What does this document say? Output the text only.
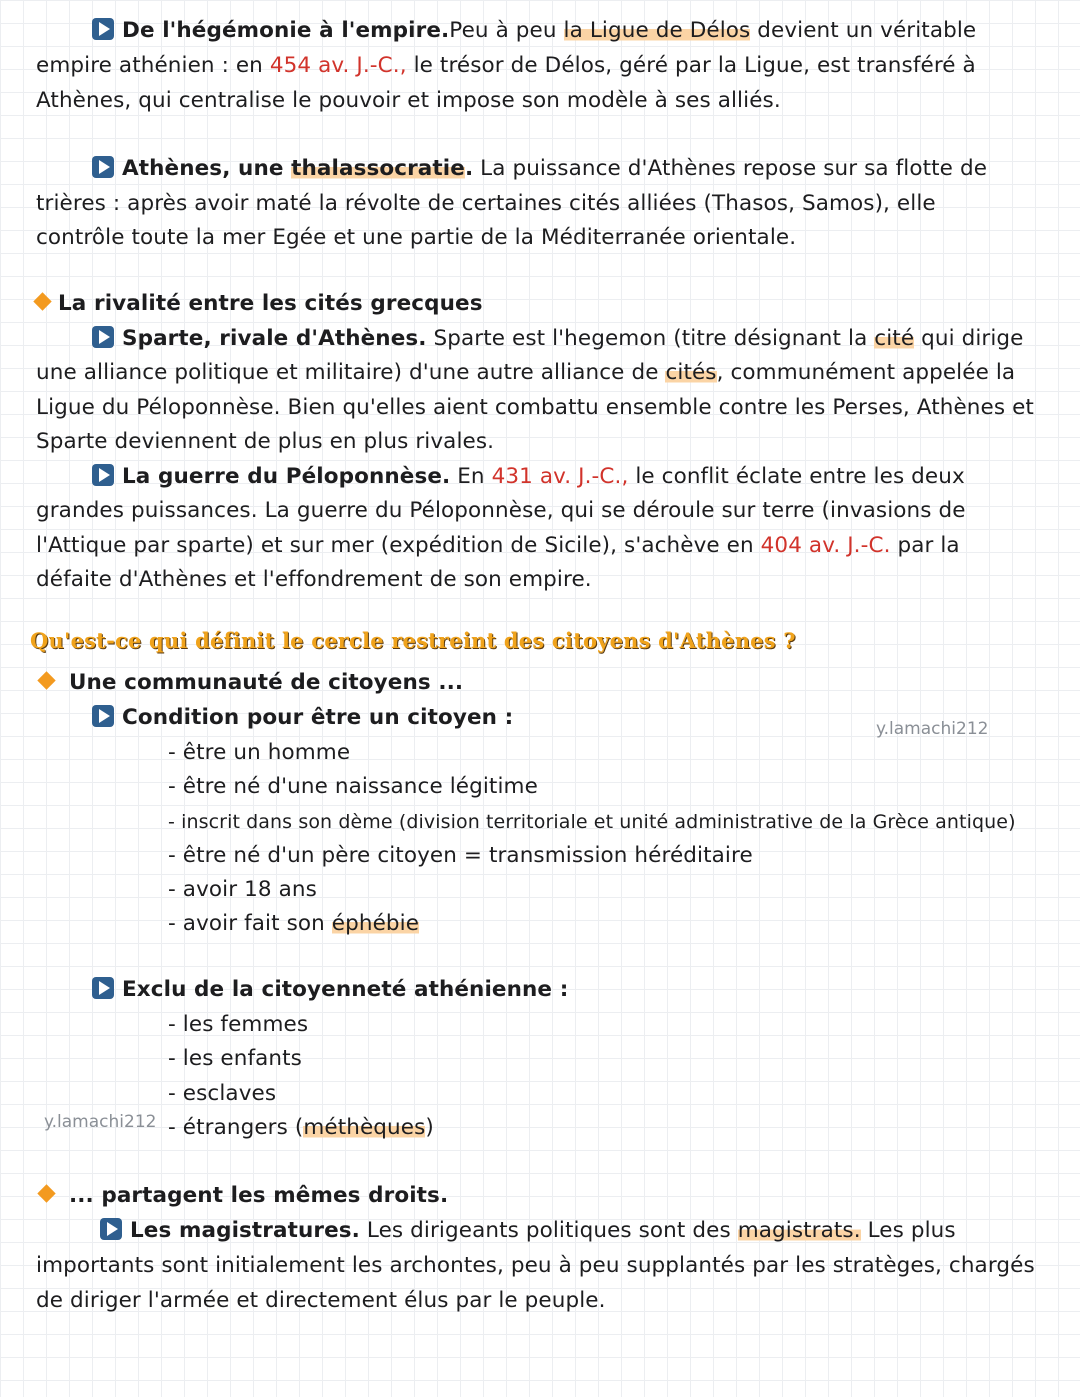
De l'hégémonie à l'empire.Peu à peu la Ligue de Délos devient un véritable
empire athénien : en 454 av. J.-C., le trésor de Délos, géré par la Ligue, est transféré à
Athènes, qui centralise le pouvoir et impose son modèle à ses alliés.
Athènes, une thalassocratie. La puissance d'Athènes repose sur sa flotte de
trières : après avoir maté la révolte de certaines cités alliées (Thasos, Samos), elle
contrôle toute la mer Egée et une partie de la Méditerranée orientale.
La rivalité entre les cités grecques
Sparte, rivale d'Athènes. Sparte est l'hegemon (titre désignant la cité qui dirige
une alliance politique et militaire) d'une autre alliance de cités, communément appelée la
Ligue du Péloponnèse. Bien qu'elles aient combattu ensemble contre les Perses, Athènes et
Sparte deviennent de plus en plus rivales.
La guerre du Péloponnèse. En 431 av. J.-C., le conflit éclate entre les deux
grandes puissances. La guerre du Péloponnèse, qui se déroule sur terre (invasions de
l'Attique par sparte) et sur mer (expédition de Sicile), s'achève en 404 av. J.-C. par la
défaite d'Athènes et l'effondrement de son empire.
Qu'est-ce qui définit le cercle restreint des citoyens d'Athènes ?
Une communauté de citoyens ...
Condition pour être un citoyen :	y.lamachi212
- être un homme
- être né d'une naissance légitime
- inscrit dans son dème (division territoriale et unité administrative de la Grèce antique)
- être né d'un père citoyen = transmission héréditaire
- avoir 18 ans
- avoir fait son éphébie
Exclu de la citoyenneté athénienne :
- les femmes
- les enfants
- esclaves
y.lamachi212 - étrangers (méthèques)
... partagent les mêmes droits.
Les magistratures. Les dirigeants politiques sont des magistrats. Les plus
importants sont initialement les archontes, peu à peu supplantés par les stratèges, chargés
de diriger l'armée et directement élus par le peuple.
